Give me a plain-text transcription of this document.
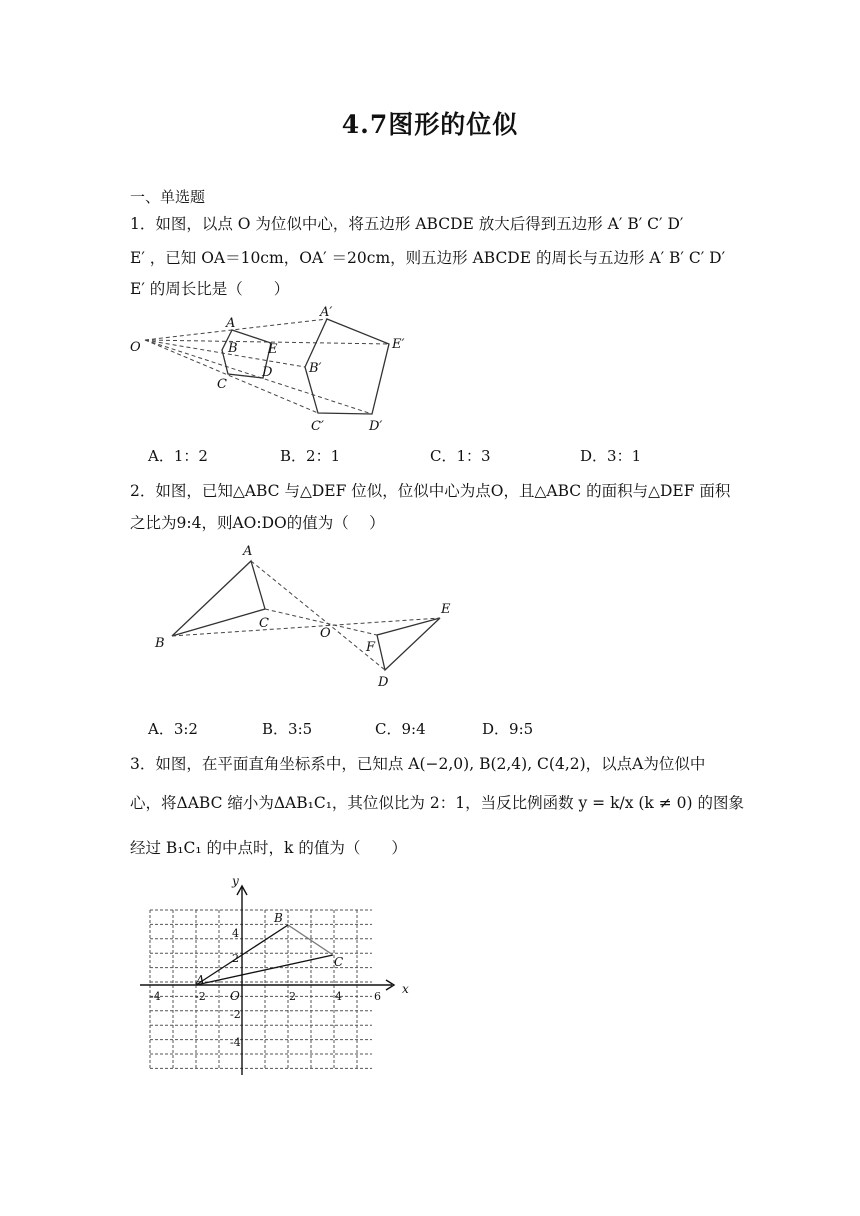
4.7图形的位似
一、单选题
1．如图，以点 O 为位似中心，将五边形 ABCDE 放大后得到五边形 A′ B′ C′ D′
E′ ，已知 OA＝10cm，OA′ ＝20cm，则五边形 ABCDE 的周长与五边形 A′ B′ C′ D′
E′ 的周长比是（　　）
O
A
B E
C
D
A′
E′
B′
C′	D′
A
B
C
O
E
F
D
y
x
O
A
B
C
-4	-2	2	4	6
4
2
-2
-4
A．1：2	B．2：1	C．1：3	D．3：1
2．如图，已知△ABC 与△DEF 位似，位似中心为点O，且△ABC 的面积与△DEF 面积
之比为9:4，则AO:DO的值为（　 ）
A．3:2	B．3:5	C．9:4	D．9:5
3．如图，在平面直角坐标系中，已知点 A(−2,0), B(2,4), C(4,2)，以点A为位似中
心，将ΔABC 缩小为ΔAB₁C₁，其位似比为 2：1，当反比例函数 y = k/x (k ≠ 0) 的图象
经过 B₁C₁ 的中点时，k 的值为（　　）
